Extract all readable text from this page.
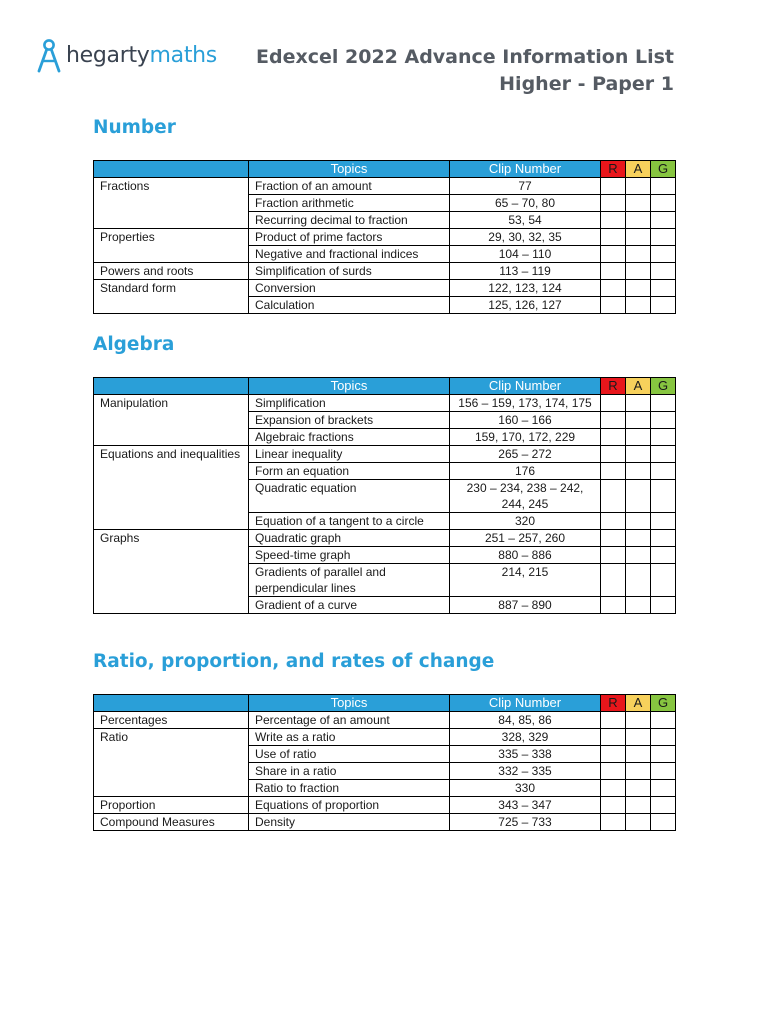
hegartymaths Edexcel 2022 Advance Information List
Higher - Paper 1
Number
	Topics	Clip Number	R	A	G
Fractions	Fraction of an amount	77			
	Fraction arithmetic	65 – 70, 80			
	Recurring decimal to fraction	53, 54			
Properties	Product of prime factors	29, 30, 32, 35			
	Negative and fractional indices	104 – 110			
Powers and roots	Simplification of surds	113 – 119			
Standard form	Conversion	122, 123, 124			
	Calculation	125, 126, 127			
Algebra
	Topics	Clip Number	R	A	G
Manipulation	Simplification	156 – 159, 173, 174, 175			
	Expansion of brackets	160 – 166			
	Algebraic fractions	159, 170, 172, 229			
Equations and inequalities	Linear inequality	265 – 272			
	Form an equation	176			
	Quadratic equation	230 – 234, 238 – 242, 244, 245			
	Equation of a tangent to a circle	320			
Graphs	Quadratic graph	251 – 257, 260			
	Speed-time graph	880 – 886			
	Gradients of parallel and perpendicular lines	214, 215			
	Gradient of a curve	887 – 890			
Ratio, proportion, and rates of change
	Topics	Clip Number	R	A	G
Percentages	Percentage of an amount	84, 85, 86			
Ratio	Write as a ratio	328, 329			
	Use of ratio	335 – 338			
	Share in a ratio	332 – 335			
	Ratio to fraction	330			
Proportion	Equations of proportion	343 – 347			
Compound Measures	Density	725 – 733			
